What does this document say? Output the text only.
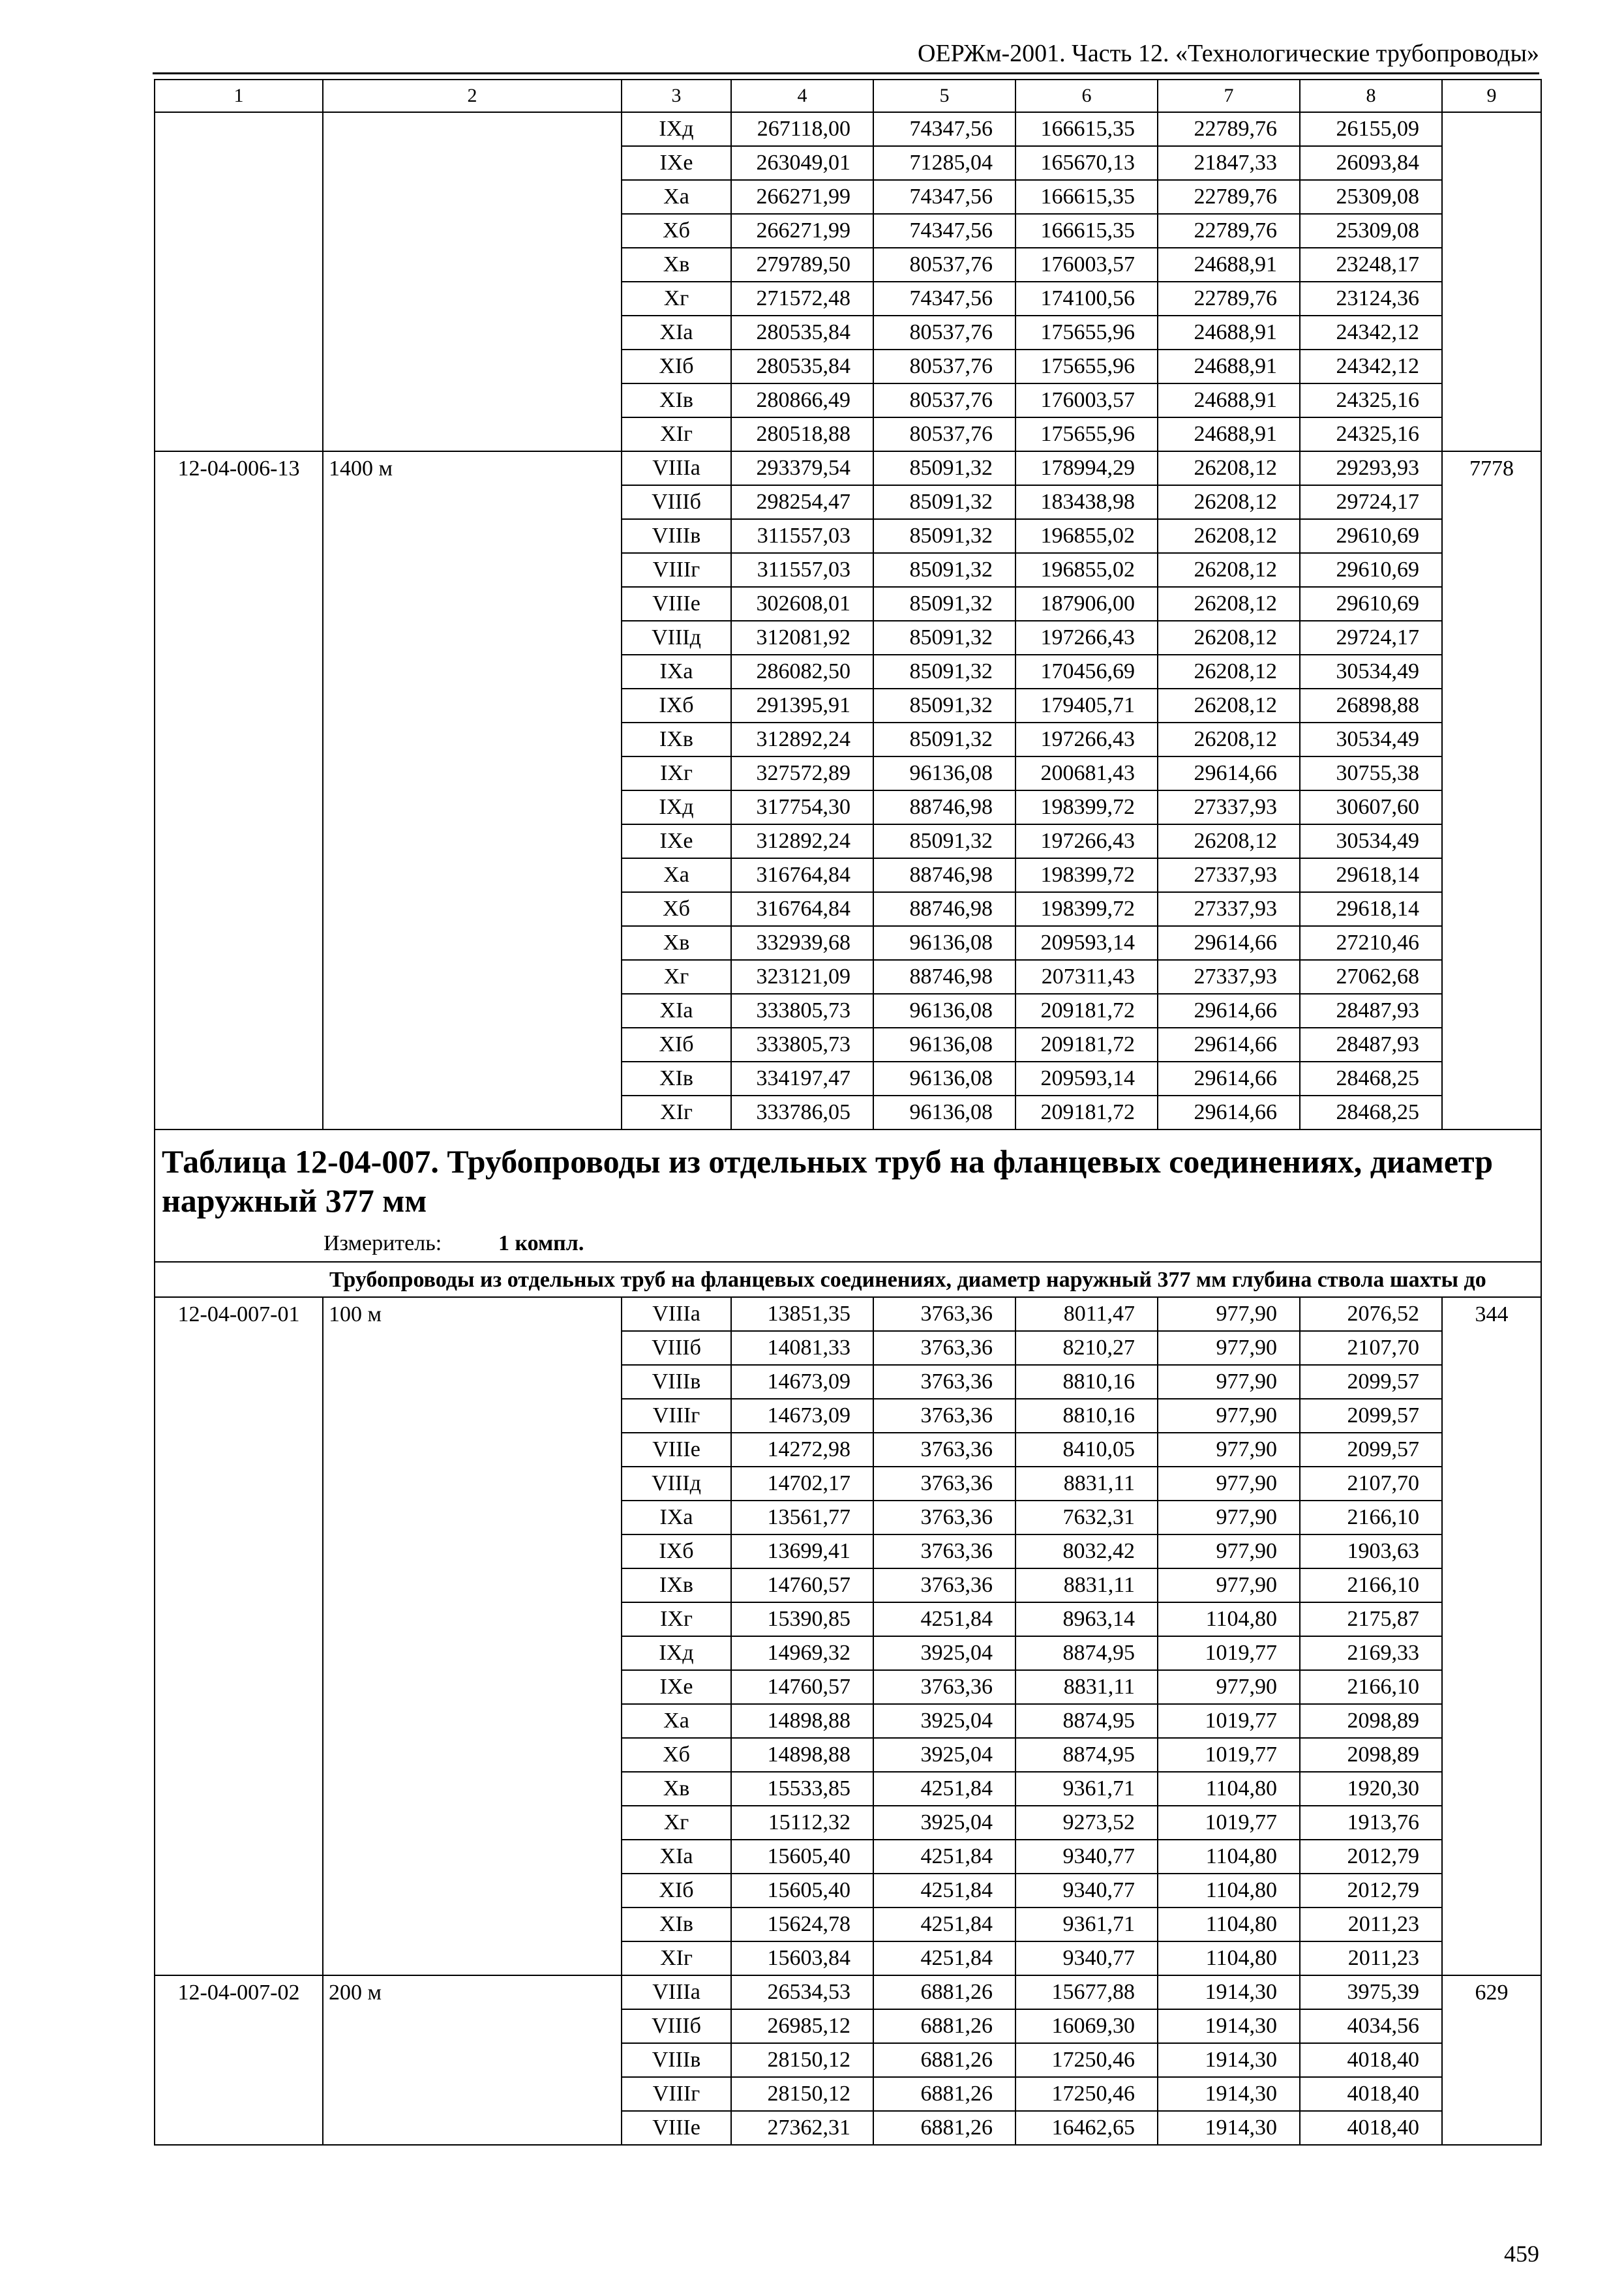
ОЕРЖм-2001. Часть 12. «Технологические трубопроводы»
1	2	3	4	5	6	7	8	9
		IXд	267118,00	74347,56	166615,35	22789,76	26155,09	
		IXе	263049,01	71285,04	165670,13	21847,33	26093,84	
		Xа	266271,99	74347,56	166615,35	22789,76	25309,08	
		Xб	266271,99	74347,56	166615,35	22789,76	25309,08	
		Xв	279789,50	80537,76	176003,57	24688,91	23248,17	
		Xг	271572,48	74347,56	174100,56	22789,76	23124,36	
		XIа	280535,84	80537,76	175655,96	24688,91	24342,12	
		XIб	280535,84	80537,76	175655,96	24688,91	24342,12	
		XIв	280866,49	80537,76	176003,57	24688,91	24325,16	
		XIг	280518,88	80537,76	175655,96	24688,91	24325,16	
12-04-006-13	1400 м	VIIIа	293379,54	85091,32	178994,29	26208,12	29293,93	7778
		VIIIб	298254,47	85091,32	183438,98	26208,12	29724,17	
		VIIIв	311557,03	85091,32	196855,02	26208,12	29610,69	
		VIIIг	311557,03	85091,32	196855,02	26208,12	29610,69	
		VIIIе	302608,01	85091,32	187906,00	26208,12	29610,69	
		VIIIд	312081,92	85091,32	197266,43	26208,12	29724,17	
		IXа	286082,50	85091,32	170456,69	26208,12	30534,49	
		IXб	291395,91	85091,32	179405,71	26208,12	26898,88	
		IXв	312892,24	85091,32	197266,43	26208,12	30534,49	
		IXг	327572,89	96136,08	200681,43	29614,66	30755,38	
		IXд	317754,30	88746,98	198399,72	27337,93	30607,60	
		IXе	312892,24	85091,32	197266,43	26208,12	30534,49	
		Xа	316764,84	88746,98	198399,72	27337,93	29618,14	
		Xб	316764,84	88746,98	198399,72	27337,93	29618,14	
		Xв	332939,68	96136,08	209593,14	29614,66	27210,46	
		Xг	323121,09	88746,98	207311,43	27337,93	27062,68	
		XIа	333805,73	96136,08	209181,72	29614,66	28487,93	
		XIб	333805,73	96136,08	209181,72	29614,66	28487,93	
		XIв	334197,47	96136,08	209593,14	29614,66	28468,25	
		XIг	333786,05	96136,08	209181,72	29614,66	28468,25	
Таблица 12-04-007. Трубопроводы из отдельных труб на фланцевых соединениях, диаметр наружный 377 мм								
Измеритель: 1 компл.								
	Трубопроводы из отдельных труб на фланцевых соединениях, диаметр наружный 377 мм глубина ствола шахты до							
12-04-007-01	100 м	VIIIа	13851,35	3763,36	8011,47	977,90	2076,52	344
		VIIIб	14081,33	3763,36	8210,27	977,90	2107,70	
		VIIIв	14673,09	3763,36	8810,16	977,90	2099,57	
		VIIIг	14673,09	3763,36	8810,16	977,90	2099,57	
		VIIIе	14272,98	3763,36	8410,05	977,90	2099,57	
		VIIIд	14702,17	3763,36	8831,11	977,90	2107,70	
		IXа	13561,77	3763,36	7632,31	977,90	2166,10	
		IXб	13699,41	3763,36	8032,42	977,90	1903,63	
		IXв	14760,57	3763,36	8831,11	977,90	2166,10	
		IXг	15390,85	4251,84	8963,14	1104,80	2175,87	
		IXд	14969,32	3925,04	8874,95	1019,77	2169,33	
		IXе	14760,57	3763,36	8831,11	977,90	2166,10	
		Xа	14898,88	3925,04	8874,95	1019,77	2098,89	
		Xб	14898,88	3925,04	8874,95	1019,77	2098,89	
		Xв	15533,85	4251,84	9361,71	1104,80	1920,30	
		Xг	15112,32	3925,04	9273,52	1019,77	1913,76	
		XIа	15605,40	4251,84	9340,77	1104,80	2012,79	
		XIб	15605,40	4251,84	9340,77	1104,80	2012,79	
		XIв	15624,78	4251,84	9361,71	1104,80	2011,23	
		XIг	15603,84	4251,84	9340,77	1104,80	2011,23	
12-04-007-02	200 м	VIIIа	26534,53	6881,26	15677,88	1914,30	3975,39	629
		VIIIб	26985,12	6881,26	16069,30	1914,30	4034,56	
		VIIIв	28150,12	6881,26	17250,46	1914,30	4018,40	
		VIIIг	28150,12	6881,26	17250,46	1914,30	4018,40	
		VIIIе	27362,31	6881,26	16462,65	1914,30	4018,40	
459
